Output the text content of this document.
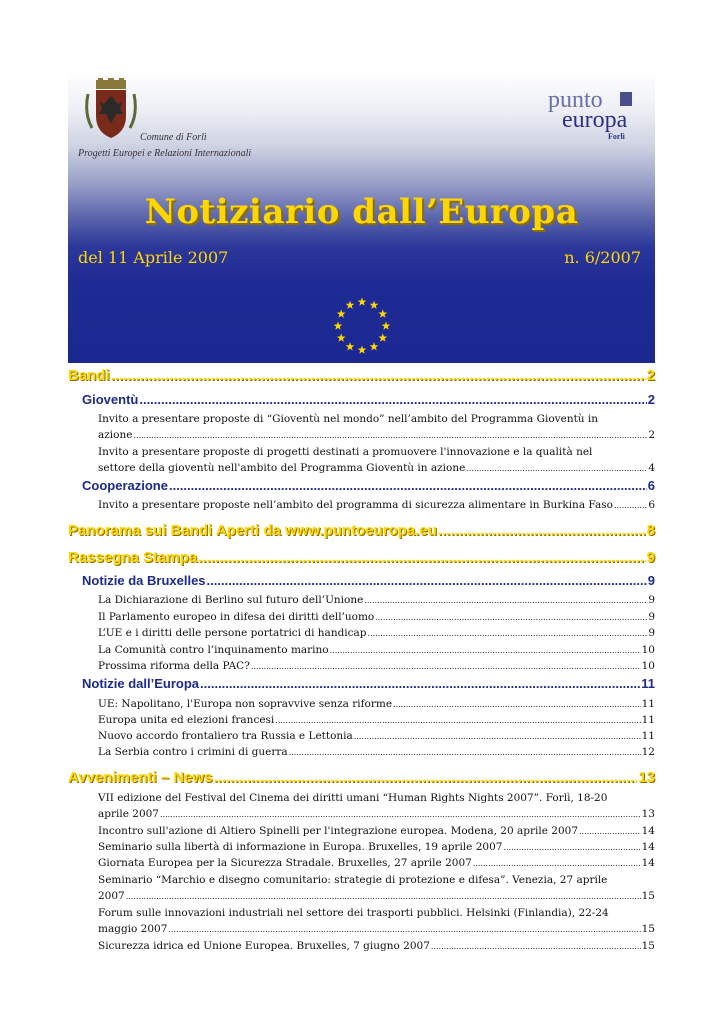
Comune di Forlì
Progetti Europei e Relazioni Internazionali
punto
europa
Forlì
Notiziario dall’Europa
del 11 Aprile 2007	n. 6/2007
Bandi .....	2
Gioventù .....	2
Invito a presentare proposte di “Gioventù nel mondo” nell’ambito del Programma Gioventù in
azione .....	2
Invito a presentare proposte di progetti destinati a promuovere l'innovazione e la qualità nel
settore della gioventù nell'ambito del Programma Gioventù in azione .....	4
Cooperazione .....	6
Invito a presentare proposte nell’ambito del programma di sicurezza alimentare in Burkina Faso .....	6
Panorama sui Bandi Aperti da www.puntoeuropa.eu .....	8
Rassegna Stampa .....	9
Notizie da Bruxelles .....	9
La Dichiarazione di Berlino sul futuro dell’Unione .....	9
Il Parlamento europeo in difesa dei diritti dell’uomo .....	9
L’UE e i diritti delle persone portatrici di handicap .....	9
La Comunità contro l’inquinamento marino .....	10
Prossima riforma della PAC? .....	10
Notizie dall’Europa .....	11
UE: Napolitano, l'Europa non sopravvive senza riforme .....	11
Europa unita ed elezioni francesi .....	11
Nuovo accordo frontaliero tra Russia e Lettonia .....	11
La Serbia contro i crimini di guerra .....	12
Avvenimenti – News .....	13
VII edizione del Festival del Cinema dei diritti umani “Human Rights Nights 2007”. Forlì, 18-20
aprile 2007 .....	13
Incontro sull'azione di Altiero Spinelli per l'integrazione europea. Modena, 20 aprile 2007 .....	14
Seminario sulla libertà di informazione in Europa. Bruxelles, 19 aprile 2007 .....	14
Giornata Europea per la Sicurezza Stradale. Bruxelles, 27 aprile 2007 .....	14
Seminario “Marchio e disegno comunitario: strategie di protezione e difesa”. Venezia, 27 aprile
2007 .....	15
Forum sulle innovazioni industriali nel settore dei trasporti pubblici. Helsinki (Finlandia), 22-24
maggio 2007 .....	15
Sicurezza idrica ed Unione Europea. Bruxelles, 7 giugno 2007 .....	15
